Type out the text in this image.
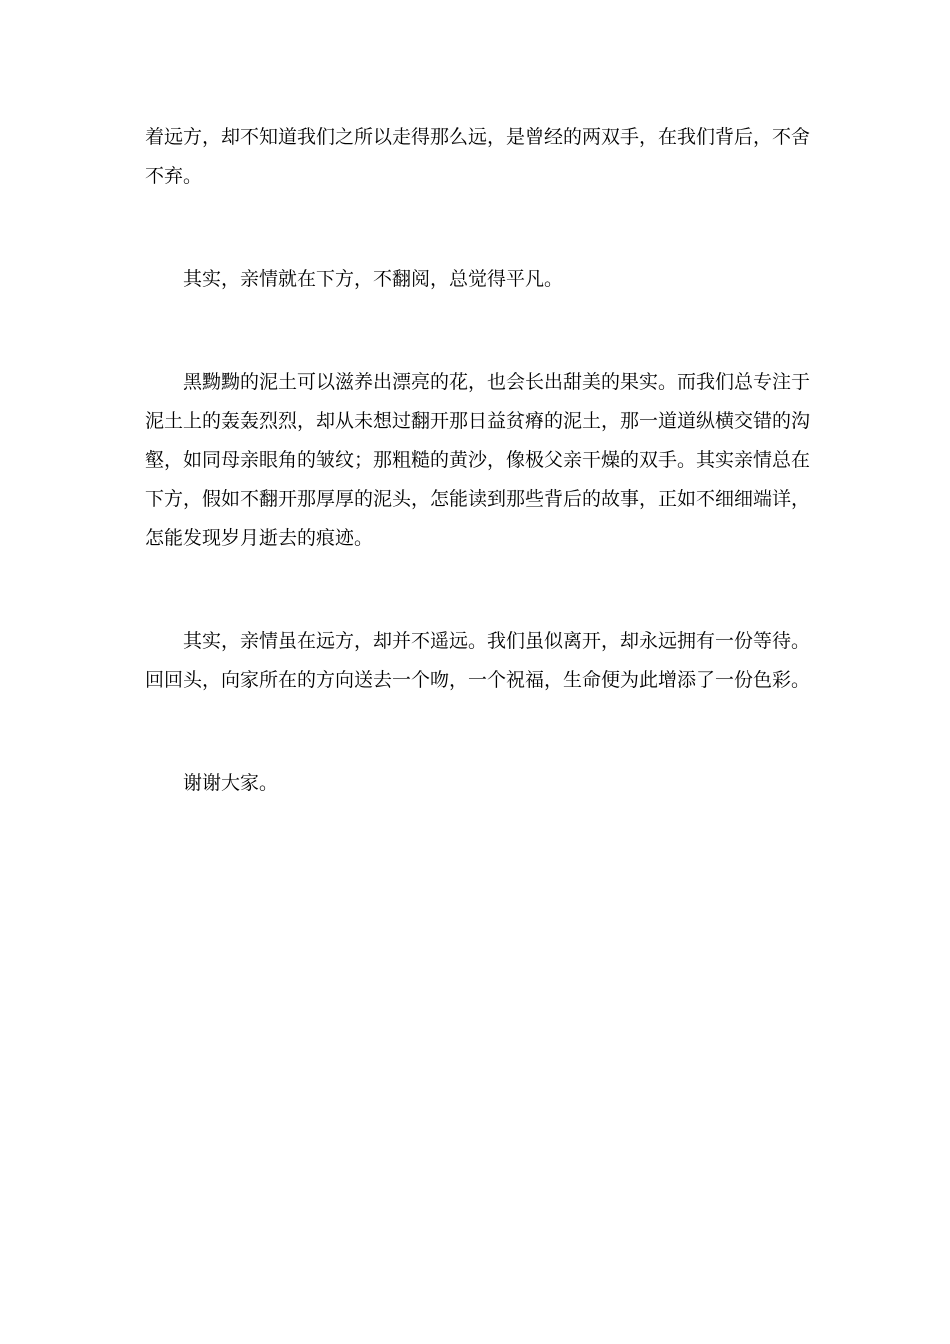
着远方，却不知道我们之所以走得那么远，是曾经的两双手，在我们背后，不舍不弃。

其实，亲情就在下方，不翻阅，总觉得平凡。

黑黝黝的泥土可以滋养出漂亮的花，也会长出甜美的果实。而我们总专注于泥土上的轰轰烈烈，却从未想过翻开那日益贫瘠的泥土，那一道道纵横交错的沟壑，如同母亲眼角的皱纹；那粗糙的黄沙，像极父亲干燥的双手。其实亲情总在下方，假如不翻开那厚厚的泥头，怎能读到那些背后的故事，正如不细细端详，怎能发现岁月逝去的痕迹。

其实，亲情虽在远方，却并不遥远。我们虽似离开，却永远拥有一份等待。回回头，向家所在的方向送去一个吻，一个祝福，生命便为此增添了一份色彩。

谢谢大家。
